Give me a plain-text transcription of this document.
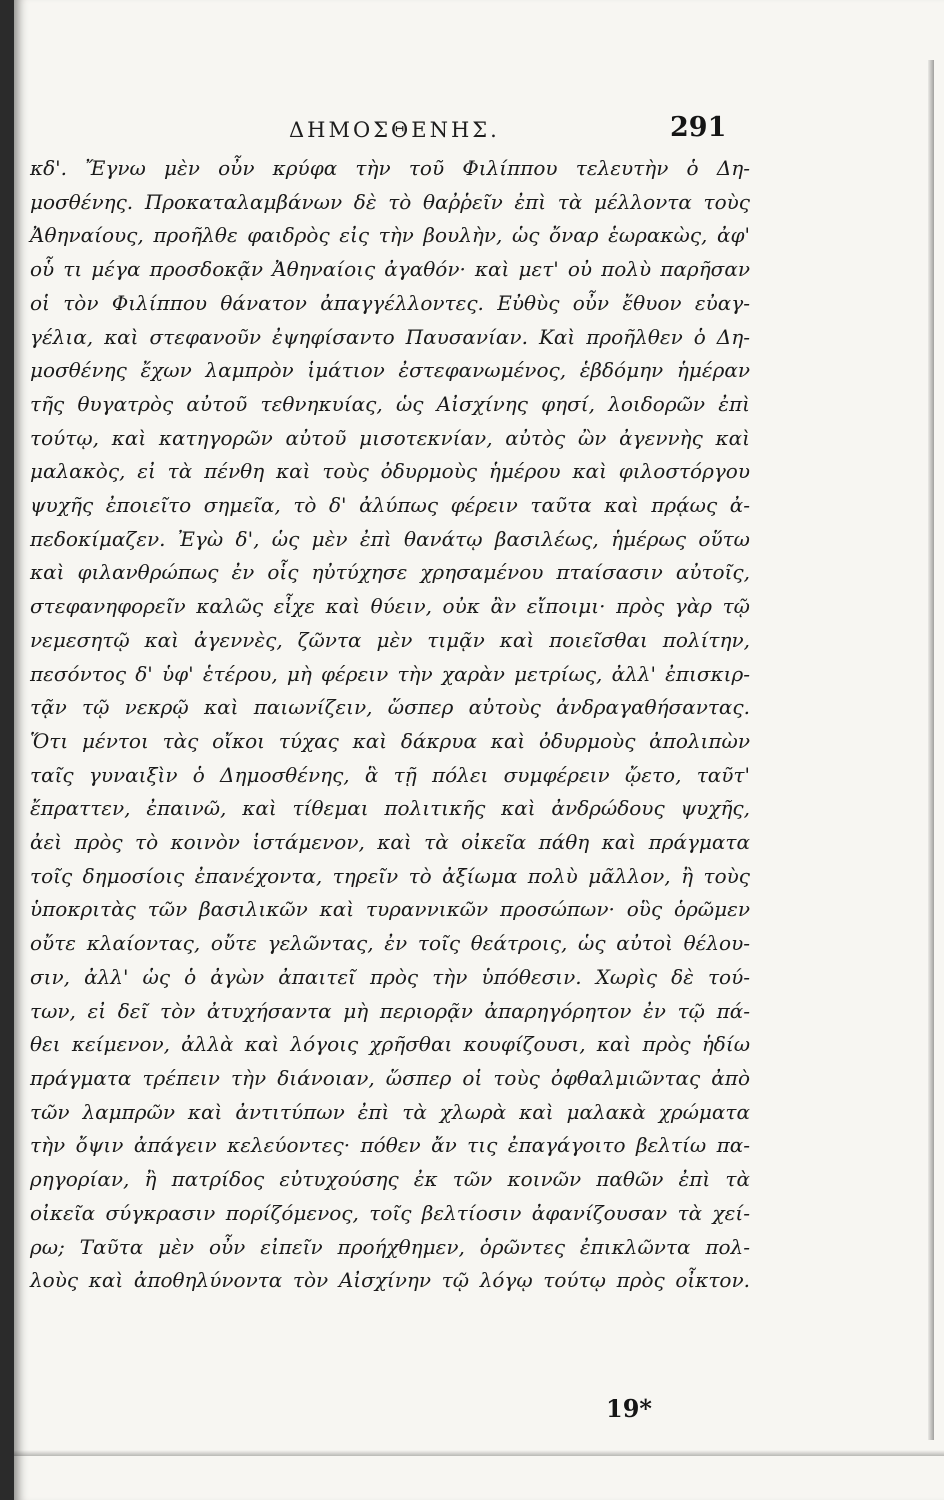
ΔΗΜΟΣΘΕΝΗΣ.	291
κδ'. Ἔγνω μὲν οὖν κρύφα τὴν τοῦ Φιλίππου τελευτὴν ὁ Δη-
μοσθένης. Προκαταλαμβάνων δὲ τὸ θαῤῥεῖν ἐπὶ τὰ μέλλοντα τοὺς
Ἀθηναίους, προῆλθε φαιδρὸς εἰς τὴν βουλὴν, ὡς ὄναρ ἑωρακὼς, ἀφ'
οὗ τι μέγα προσδοκᾷν Ἀθηναίοις ἀγαθόν· καὶ μετ' οὐ πολὺ παρῆσαν
οἱ τὸν Φιλίππου θάνατον ἀπαγγέλλοντες. Εὐθὺς οὖν ἔθυον εὐαγ-
γέλια, καὶ στεφανοῦν ἐψηφίσαντο Παυσανίαν. Καὶ προῆλθεν ὁ Δη-
μοσθένης ἔχων λαμπρὸν ἱμάτιον ἐστεφανωμένος, ἑβδόμην ἡμέραν
τῆς θυγατρὸς αὐτοῦ τεθνηκυίας, ὡς Αἰσχίνης φησί, λοιδορῶν ἐπὶ
τούτῳ, καὶ κατηγορῶν αὐτοῦ μισοτεκνίαν, αὐτὸς ὢν ἀγεννὴς καὶ
μαλακὸς, εἰ τὰ πένθη καὶ τοὺς ὀδυρμοὺς ἡμέρου καὶ φιλοστόργου
ψυχῆς ἐποιεῖτο σημεῖα, τὸ δ' ἀλύπως φέρειν ταῦτα καὶ πρᾴως ἀ-
πεδοκίμαζεν. Ἐγὼ δ', ὡς μὲν ἐπὶ θανάτῳ βασιλέως, ἡμέρως οὕτω
καὶ φιλανθρώπως ἐν οἷς ηὐτύχησε χρησαμένου πταίσασιν αὐτοῖς,
στεφανηφορεῖν καλῶς εἶχε καὶ θύειν, οὐκ ἂν εἴποιμι· πρὸς γὰρ τῷ
νεμεσητῷ καὶ ἀγεννὲς, ζῶντα μὲν τιμᾷν καὶ ποιεῖσθαι πολίτην,
πεσόντος δ' ὑφ' ἑτέρου, μὴ φέρειν τὴν χαρὰν μετρίως, ἀλλ' ἐπισκιρ-
τᾷν τῷ νεκρῷ καὶ παιωνίζειν, ὥσπερ αὐτοὺς ἀνδραγαθήσαντας.
Ὅτι μέντοι τὰς οἴκοι τύχας καὶ δάκρυα καὶ ὀδυρμοὺς ἀπολιπὼν
ταῖς γυναιξὶν ὁ Δημοσθένης, ἃ τῇ πόλει συμφέρειν ᾤετο, ταῦτ'
ἔπραττεν, ἐπαινῶ, καὶ τίθεμαι πολιτικῆς καὶ ἀνδρώδους ψυχῆς,
ἀεὶ πρὸς τὸ κοινὸν ἱστάμενον, καὶ τὰ οἰκεῖα πάθη καὶ πράγματα
τοῖς δημοσίοις ἐπανέχοντα, τηρεῖν τὸ ἀξίωμα πολὺ μᾶλλον, ἢ τοὺς
ὑποκριτὰς τῶν βασιλικῶν καὶ τυραννικῶν προσώπων· οὓς ὁρῶμεν
οὔτε κλαίοντας, οὔτε γελῶντας, ἐν τοῖς θεάτροις, ὡς αὐτοὶ θέλου-
σιν, ἀλλ' ὡς ὁ ἀγὼν ἀπαιτεῖ πρὸς τὴν ὑπόθεσιν. Χωρὶς δὲ τού-
των, εἰ δεῖ τὸν ἀτυχήσαντα μὴ περιορᾷν ἀπαρηγόρητον ἐν τῷ πά-
θει κείμενον, ἀλλὰ καὶ λόγοις χρῆσθαι κουφίζουσι, καὶ πρὸς ἡδίω
πράγματα τρέπειν τὴν διάνοιαν, ὥσπερ οἱ τοὺς ὀφθαλμιῶντας ἀπὸ
τῶν λαμπρῶν καὶ ἀντιτύπων ἐπὶ τὰ χλωρὰ καὶ μαλακὰ χρώματα
τὴν ὄψιν ἀπάγειν κελεύοντες· πόθεν ἄν τις ἐπαγάγοιτο βελτίω πα-
ρηγορίαν, ἢ πατρίδος εὐτυχούσης ἐκ τῶν κοινῶν παθῶν ἐπὶ τὰ
οἰκεῖα σύγκρασιν πορίζόμενος, τοῖς βελτίοσιν ἀφανίζουσαν τὰ χεί-
ρω; Ταῦτα μὲν οὖν εἰπεῖν προήχθημεν, ὁρῶντες ἐπικλῶντα πολ-
λοὺς καὶ ἀποθηλύνοντα τὸν Αἰσχίνην τῷ λόγῳ τούτῳ πρὸς οἶκτον.
19*
